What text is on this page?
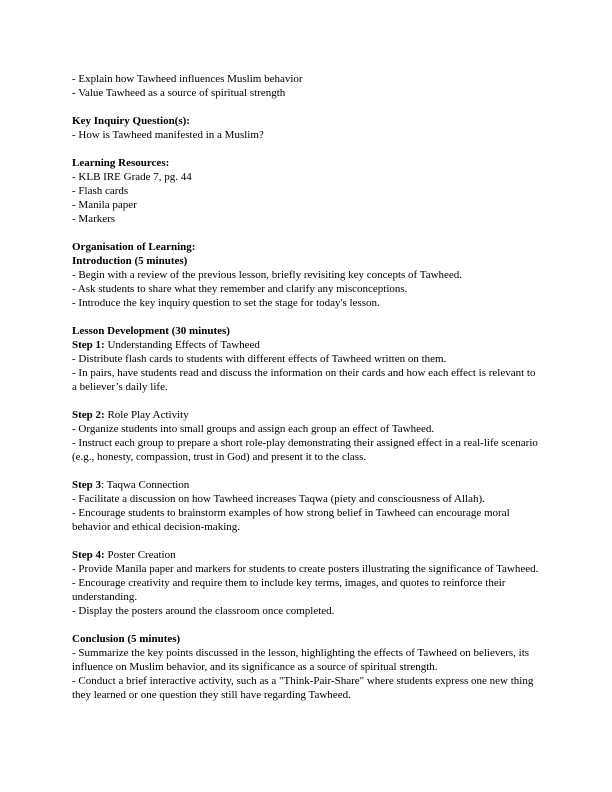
- Explain how Tawheed influences Muslim behavior
- Value Tawheed as a source of spiritual strength
Key Inquiry Question(s):
- How is Tawheed manifested in a Muslim?
Learning Resources:
- KLB IRE Grade 7, pg. 44
- Flash cards
- Manila paper
- Markers
Organisation of Learning:
Introduction (5 minutes)
- Begin with a review of the previous lesson, briefly revisiting key concepts of Tawheed.
- Ask students to share what they remember and clarify any misconceptions.
- Introduce the key inquiry question to set the stage for today's lesson.
Lesson Development (30 minutes)
Step 1: Understanding Effects of Tawheed
- Distribute flash cards to students with different effects of Tawheed written on them.
- In pairs, have students read and discuss the information on their cards and how each effect is relevant to a believer’s daily life.
Step 2: Role Play Activity
- Organize students into small groups and assign each group an effect of Tawheed.
- Instruct each group to prepare a short role-play demonstrating their assigned effect in a real-life scenario (e.g., honesty, compassion, trust in God) and present it to the class.
Step 3: Taqwa Connection
- Facilitate a discussion on how Tawheed increases Taqwa (piety and consciousness of Allah).
- Encourage students to brainstorm examples of how strong belief in Tawheed can encourage moral behavior and ethical decision-making.
Step 4: Poster Creation
- Provide Manila paper and markers for students to create posters illustrating the significance of Tawheed.
- Encourage creativity and require them to include key terms, images, and quotes to reinforce their understanding.
- Display the posters around the classroom once completed.
Conclusion (5 minutes)
- Summarize the key points discussed in the lesson, highlighting the effects of Tawheed on believers, its influence on Muslim behavior, and its significance as a source of spiritual strength.
- Conduct a brief interactive activity, such as a "Think-Pair-Share" where students express one new thing they learned or one question they still have regarding Tawheed.
